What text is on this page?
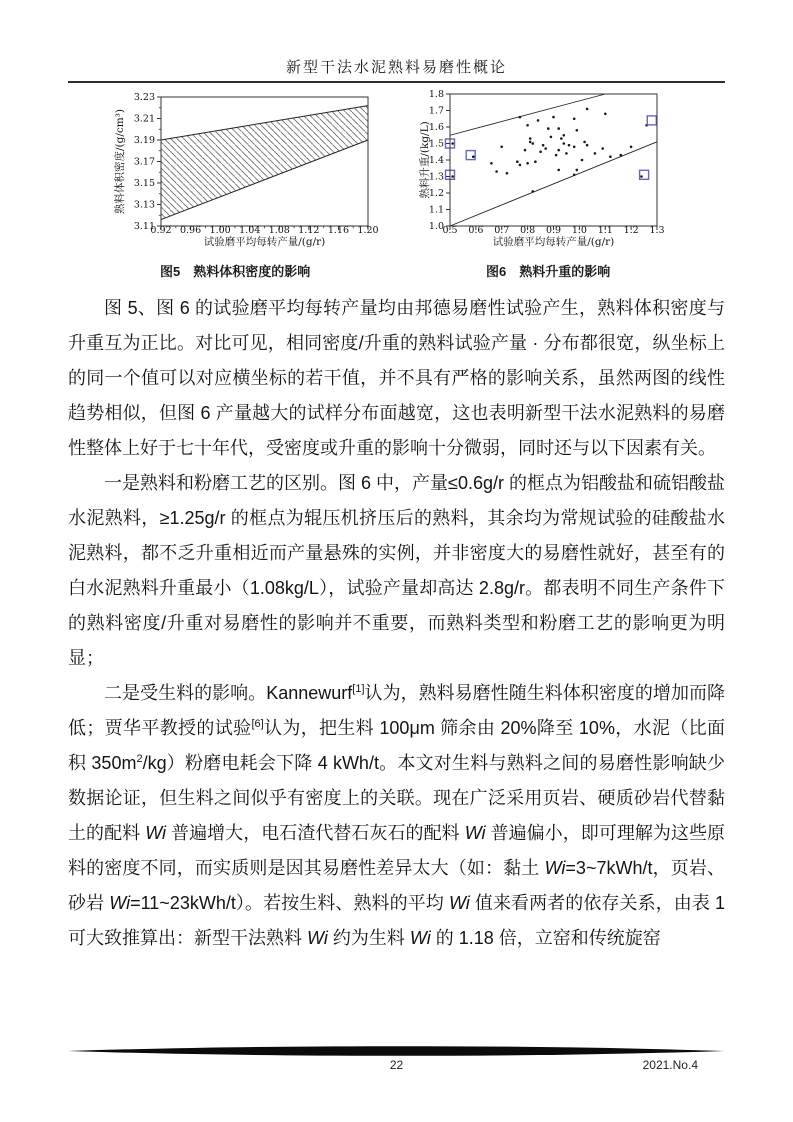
新型干法水泥熟料易磨性概论
0.92 0.96 1.00 1.04 1.08 1.12 1.16 1.20
3.11
3.13
3.15
3.17
3.19
3.21
3.23
试验磨平均每转产量/(g/r)
熟料体积密度/(g/cm³)
0.5 0.6 0.7 0.8 0.9 1.0 1.1 1.2 1.3
1.0
1.1
1.2
1.3
1.4
1.5
1.6
1.7
1.8
试验磨平均每转产量/(g/r)
熟料升重/(kg/L)
图5　熟料体积密度的影响	图6　熟料升重的影响

图 5、图 6 的试验磨平均每转产量均由邦德易磨性试验产生，熟料体积密度与升重互为正比。对比可见，相同密度/升重的熟料试验产量 · 分布都很宽，纵坐标上的同一个值可以对应横坐标的若干值，并不具有严格的影响关系，虽然两图的线性趋势相似，但图 6 产量越大的试样分布面越宽，这也表明新型干法水泥熟料的易磨性整体上好于七十年代，受密度或升重的影响十分微弱，同时还与以下因素有关。

一是熟料和粉磨工艺的区别。图 6 中，产量≤0.6g/r 的框点为铝酸盐和硫铝酸盐水泥熟料，≥1.25g/r 的框点为辊压机挤压后的熟料，其余均为常规试验的硅酸盐水泥熟料，都不乏升重相近而产量悬殊的实例，并非密度大的易磨性就好，甚至有的白水泥熟料升重最小（1.08kg/L），试验产量却高达 2.8g/r。都表明不同生产条件下的熟料密度/升重对易磨性的影响并不重要，而熟料类型和粉磨工艺的影响更为明显；

二是受生料的影响。Kannewurf[1]认为，熟料易磨性随生料体积密度的增加而降低；贾华平教授的试验[6]认为，把生料 100μm 筛余由 20%降至 10%，水泥（比面积 $350m^2/kg$）粉磨电耗会下降 4 kWh/t。本文对生料与熟料之间的易磨性影响缺少数据论证，但生料之间似乎有密度上的关联。现在广泛采用页岩、硬质砂岩代替黏土的配料 Wi 普遍增大，电石渣代替石灰石的配料 Wi 普遍偏小，即可理解为这些原料的密度不同，而实质则是因其易磨性差异太大（如：黏土 Wi=3~7kWh/t，页岩、砂岩 Wi=11~23kWh/t）。若按生料、熟料的平均 Wi 值来看两者的依存关系，由表 1 可大致推算出：新型干法熟料 Wi 约为生料 Wi 的 1.18 倍，立窑和传统旋窑

22	2021.No.4
